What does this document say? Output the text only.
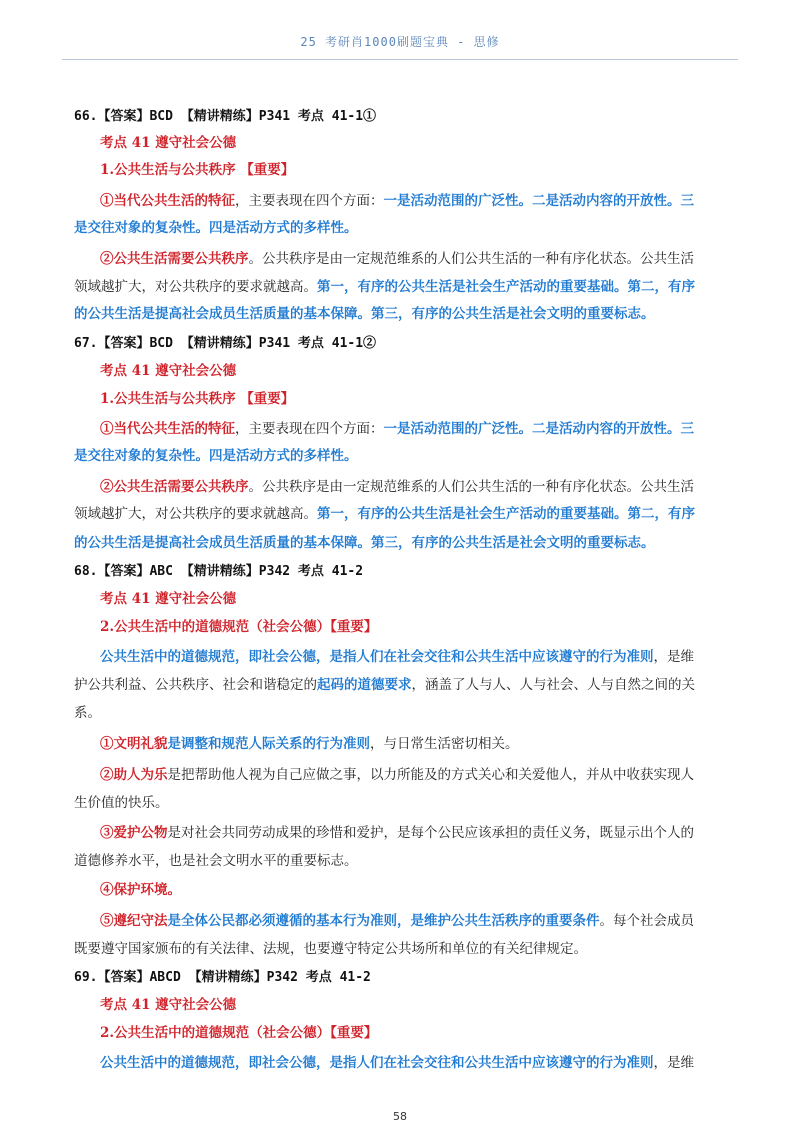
25 考研肖1000刷题宝典 - 思修
66.【答案】BCD 【精讲精练】P341 考点 41-1①
考点 41 遵守社会公德
1.公共生活与公共秩序 【重要】
①当代公共生活的特征，主要表现在四个方面：一是活动范围的广泛性。二是活动内容的开放性。三
是交往对象的复杂性。四是活动方式的多样性。
②公共生活需要公共秩序。公共秩序是由一定规范维系的人们公共生活的一种有序化状态。公共生活
领域越扩大，对公共秩序的要求就越高。第一，有序的公共生活是社会生产活动的重要基础。第二，有序
的公共生活是提高社会成员生活质量的基本保障。第三，有序的公共生活是社会文明的重要标志。
67.【答案】BCD 【精讲精练】P341 考点 41-1②
考点 41 遵守社会公德
1.公共生活与公共秩序 【重要】
①当代公共生活的特征，主要表现在四个方面：一是活动范围的广泛性。二是活动内容的开放性。三
是交往对象的复杂性。四是活动方式的多样性。
②公共生活需要公共秩序。公共秩序是由一定规范维系的人们公共生活的一种有序化状态。公共生活
领域越扩大，对公共秩序的要求就越高。第一，有序的公共生活是社会生产活动的重要基础。第二，有序
的公共生活是提高社会成员生活质量的基本保障。第三，有序的公共生活是社会文明的重要标志。
68.【答案】ABC 【精讲精练】P342 考点 41-2
考点 41 遵守社会公德
2.公共生活中的道德规范（社会公德）【重要】
公共生活中的道德规范，即社会公德，是指人们在社会交往和公共生活中应该遵守的行为准则，是维
护公共利益、公共秩序、社会和谐稳定的起码的道德要求，涵盖了人与人、人与社会、人与自然之间的关
系。
①文明礼貌是调整和规范人际关系的行为准则，与日常生活密切相关。
②助人为乐是把帮助他人视为自己应做之事，以力所能及的方式关心和关爱他人，并从中收获实现人
生价值的快乐。
③爱护公物是对社会共同劳动成果的珍惜和爱护，是每个公民应该承担的责任义务，既显示出个人的
道德修养水平，也是社会文明水平的重要标志。
④保护环境。
⑤遵纪守法是全体公民都必须遵循的基本行为准则，是维护公共生活秩序的重要条件。每个社会成员
既要遵守国家颁布的有关法律、法规，也要遵守特定公共场所和单位的有关纪律规定。
69.【答案】ABCD 【精讲精练】P342 考点 41-2
考点 41 遵守社会公德
2.公共生活中的道德规范（社会公德）【重要】
公共生活中的道德规范，即社会公德，是指人们在社会交往和公共生活中应该遵守的行为准则，是维
58
